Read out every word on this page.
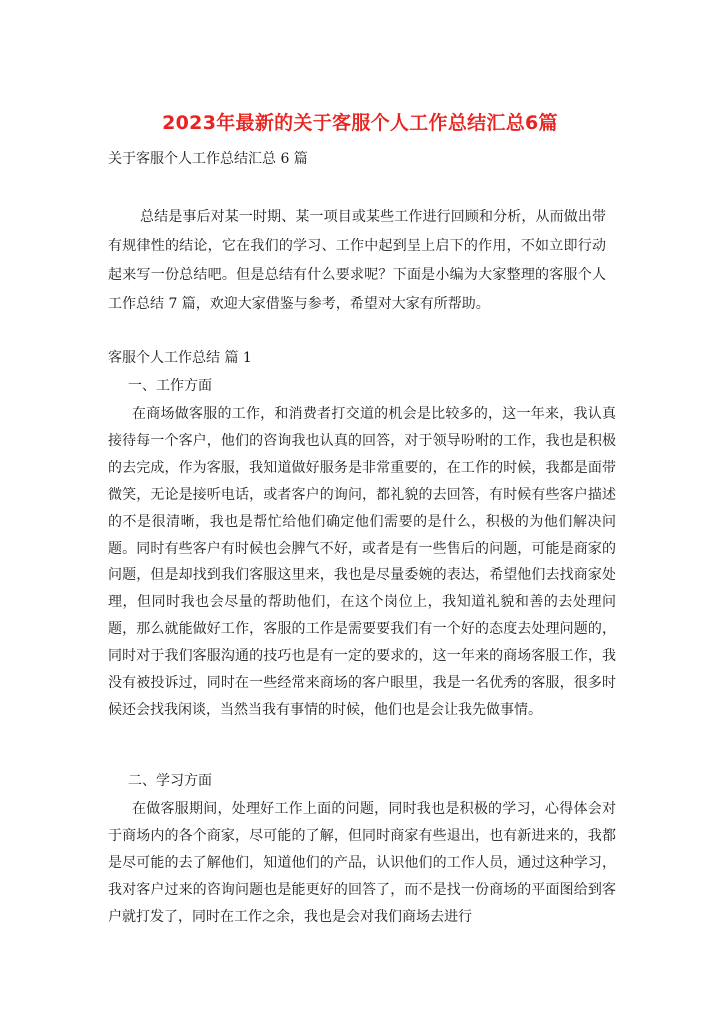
2023年最新的关于客服个人工作总结汇总6篇
关于客服个人工作总结汇总 6 篇

总结是事后对某一时期、某一项目或某些工作进行回顾和分析，从而做出带有规律性的结论，它在我们的学习、工作中起到呈上启下的作用，不如立即行动起来写一份总结吧。但是总结有什么要求呢？下面是小编为大家整理的客服个人工作总结 7 篇，欢迎大家借鉴与参考，希望对大家有所帮助。

客服个人工作总结 篇 1
一、工作方面

在商场做客服的工作，和消费者打交道的机会是比较多的，这一年来，我认真接待每一个客户，他们的咨询我也认真的回答，对于领导吩咐的工作，我也是积极的去完成，作为客服，我知道做好服务是非常重要的，在工作的时候，我都是面带微笑，无论是接听电话，或者客户的询问，都礼貌的去回答，有时候有些客户描述的不是很清晰，我也是帮忙给他们确定他们需要的是什么，积极的为他们解决问题。同时有些客户有时候也会脾气不好，或者是有一些售后的问题，可能是商家的问题，但是却找到我们客服这里来，我也是尽量委婉的表达，希望他们去找商家处理，但同时我也会尽量的帮助他们，在这个岗位上，我知道礼貌和善的去处理问题，那么就能做好工作，客服的工作是需要要我们有一个好的态度去处理问题的，同时对于我们客服沟通的技巧也是有一定的要求的，这一年来的商场客服工作，我没有被投诉过，同时在一些经常来商场的客户眼里，我是一名优秀的客服，很多时候还会找我闲谈，当然当我有事情的时候，他们也是会让我先做事情。

二、学习方面

在做客服期间，处理好工作上面的问题，同时我也是积极的学习，心得体会对于商场内的各个商家，尽可能的了解，但同时商家有些退出，也有新进来的，我都是尽可能的去了解他们，知道他们的产品，认识他们的工作人员，通过这种学习，我对客户过来的咨询问题也是能更好的回答了，而不是找一份商场的平面图给到客户就打发了，同时在工作之余，我也是会对我们商场去进行
